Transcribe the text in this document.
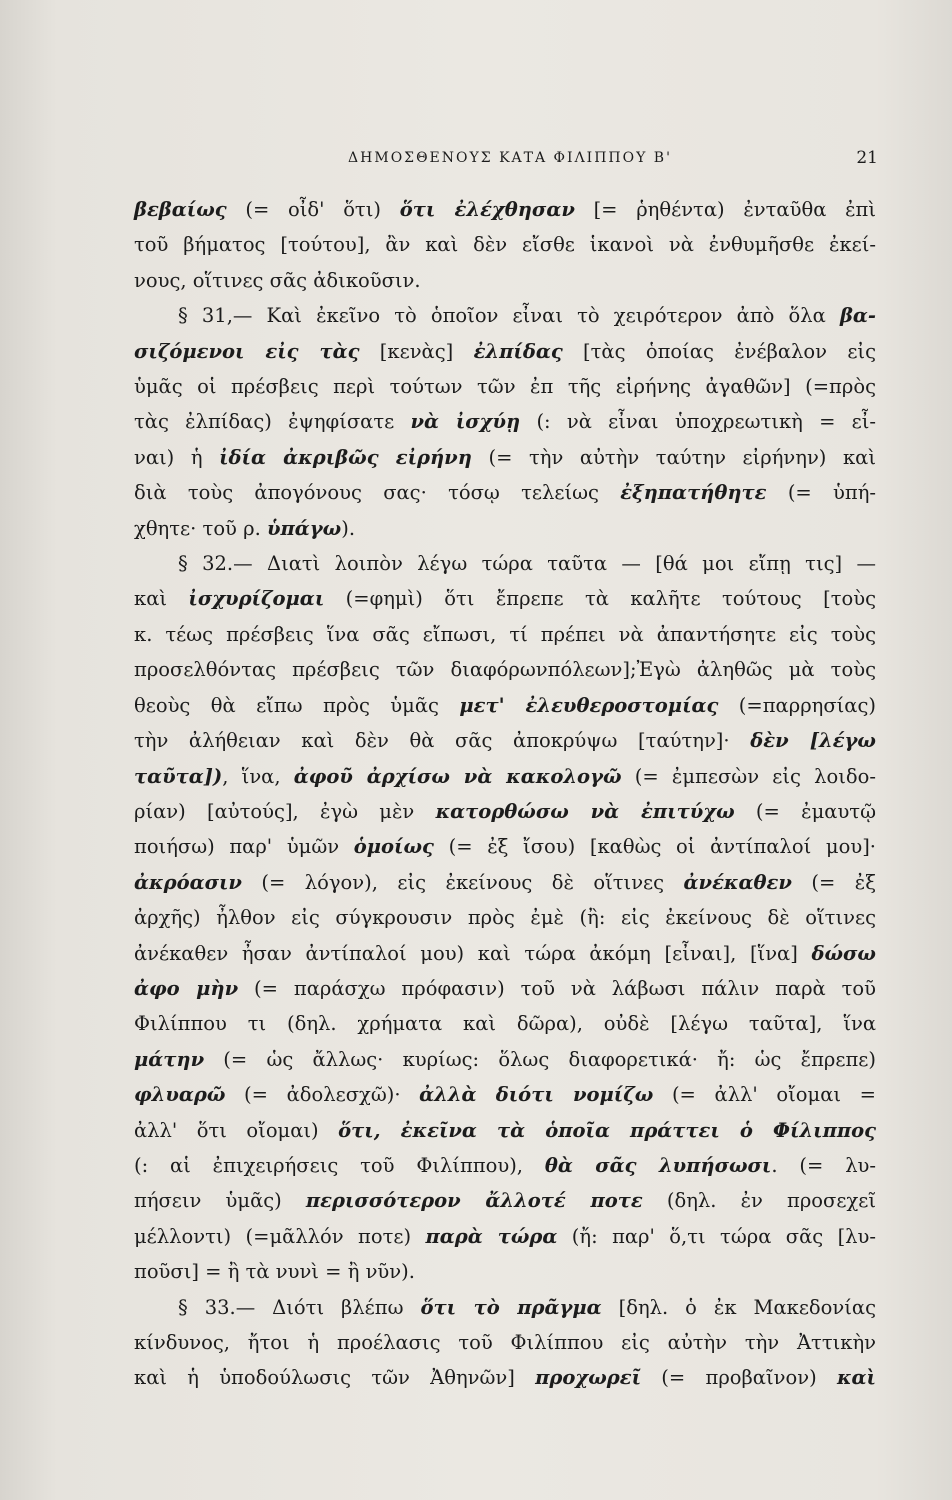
ΔΗΜΟΣΘΕΝΟΥΣ ΚΑΤΑ ΦΙΛΙΠΠΟΥ Β'	21

βεβαίως (= οἶδ' ὅτι) ὅτι ἐλέχθησαν [= ῥηθέντα) ἐνταῦθα ἐπὶ

τοῦ βήματος [τούτου], ἂν καὶ δὲν εἴσθε ἱκανοὶ νὰ ἐνθυμῆσθε ἐκεί-

νους, οἵτινες σᾶς ἀδικοῦσιν.

§ 31,— Καὶ ἐκεῖνο τὸ ὁποῖον εἶναι τὸ χειρότερον ἀπὸ ὅλα βα-

σιζόμενοι εἰς τὰς [κενὰς] ἐλπίδας [τὰς ὁποίας ἐνέβαλον εἰς

ὑμᾶς οἱ πρέσβεις περὶ τούτων τῶν ἐπ τῆς εἰρήνης ἀγαθῶν] (=πρὸς

τὰς ἐλπίδας) ἐψηφίσατε νὰ ἰσχύῃ (: νὰ εἶναι ὑποχρεωτικὴ = εἶ-

ναι) ἡ ἰδία ἀκριβῶς εἰρήνη (= τὴν αὐτὴν ταύτην εἰρήνην) καὶ

διὰ τοὺς ἀπογόνους σας· τόσῳ τελείως ἐξηπατήθητε (= ὑπή-

χθητε· τοῦ ρ. ὑπάγω).

§ 32.— Διατὶ λοιπὸν λέγω τώρα ταῦτα — [θά μοι εἴπῃ τις] —

καὶ ἰσχυρίζομαι (=φημὶ) ὅτι ἔπρεπε τὰ καλῆτε τούτους [τοὺς

κ. τέως πρέσβεις ἵνα σᾶς εἴπωσι, τί πρέπει νὰ ἀπαντήσητε εἰς τοὺς

προσελθόντας πρέσβεις τῶν διαφόρωνπόλεων];Ἐγὼ ἀληθῶς μὰ τοὺς

θεοὺς θὰ εἴπω πρὸς ὑμᾶς μετ' ἐλευθεροστομίας (=παρρησίας)

τὴν ἀλήθειαν καὶ δὲν θὰ σᾶς ἀποκρύψω [ταύτην]· δὲν [λέγω

ταῦτα]), ἵνα, ἀφοῦ ἀρχίσω νὰ κακολογῶ (= ἐμπεσὼν εἰς λοιδο-

ρίαν) [αὐτούς], ἐγὼ μὲν κατορθώσω νὰ ἐπιτύχω (= ἐμαυτῷ

ποιήσω) παρ' ὑμῶν ὁμοίως (= ἐξ ἴσου) [καθὼς οἱ ἀντίπαλοί μου]·

ἀκρόασιν (= λόγον), εἰς ἐκείνους δὲ οἵτινες ἀνέκαθεν (= ἐξ

ἀρχῆς) ἦλθον εἰς σύγκρουσιν πρὸς ἐμὲ (ἢ: εἰς ἐκείνους δὲ οἵτινες

ἀνέκαθεν ἦσαν ἀντίπαλοί μου) καὶ τώρα ἀκόμη [εἶναι], [ἵνα] δώσω

ἀφο μὴν (= παράσχω πρόφασιν) τοῦ νὰ λάβωσι πάλιν παρὰ τοῦ

Φιλίππου τι (δηλ. χρήματα καὶ δῶρα), οὐδὲ [λέγω ταῦτα], ἵνα

μάτην (= ὡς ἄλλως· κυρίως: ὅλως διαφορετικά· ἤ: ὡς ἔπρεπε)

φλυαρῶ (= ἀδολεσχῶ)· ἀλλὰ διότι νομίζω (= ἀλλ' οἴομαι =

ἀλλ' ὅτι οἴομαι) ὅτι, ἐκεῖνα τὰ ὁποῖα πράττει ὁ Φίλιππος

(: αἱ ἐπιχειρήσεις τοῦ Φιλίππου), θὰ σᾶς λυπήσωσι. (= λυ-

πήσειν ὑμᾶς) περισσότερον ἄλλοτέ ποτε (δηλ. ἐν προσεχεῖ

μέλλοντι) (=μᾶλλόν ποτε) παρὰ τώρα (ἤ: παρ' ὅ,τι τώρα σᾶς [λυ-

ποῦσι] = ἢ τὰ νυνὶ = ἢ νῦν).

§ 33.— Διότι βλέπω ὅτι τὸ πρᾶγμα [δηλ. ὁ ἐκ Μακεδονίας

κίνδυνος, ἤτοι ἡ προέλασις τοῦ Φιλίππου εἰς αὐτὴν τὴν Ἀττικὴν

καὶ ἡ ὑποδούλωσις τῶν Ἀθηνῶν] προχωρεῖ (= προβαῖνον) καὶ
